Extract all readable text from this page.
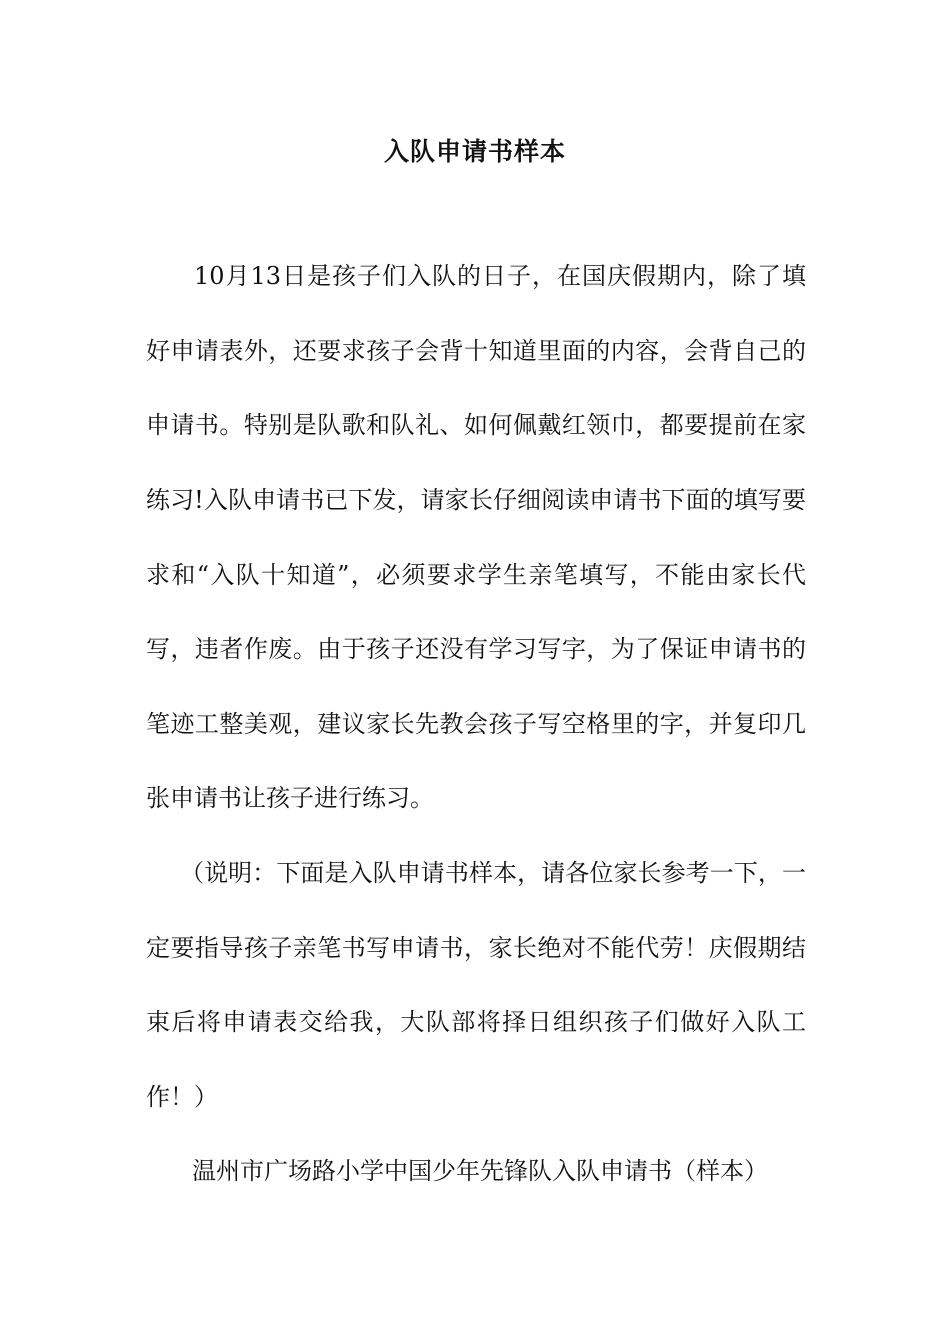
入队申请书样本
10月13日是孩子们入队的日子，在国庆假期内，除了填
好申请表外，还要求孩子会背十知道里面的内容，会背自己的
申请书。特别是队歌和队礼、如何佩戴红领巾，都要提前在家
练习!入队申请书已下发，请家长仔细阅读申请书下面的填写要
求和“入队十知道”，必须要求学生亲笔填写，不能由家长代
写，违者作废。由于孩子还没有学习写字，为了保证申请书的
笔迹工整美观，建议家长先教会孩子写空格里的字，并复印几
张申请书让孩子进行练习。
（说明：下面是入队申请书样本，请各位家长参考一下，一
定要指导孩子亲笔书写申请书，家长绝对不能代劳！庆假期结
束后将申请表交给我，大队部将择日组织孩子们做好入队工
作！）
温州市广场路小学中国少年先锋队入队申请书（样本）
